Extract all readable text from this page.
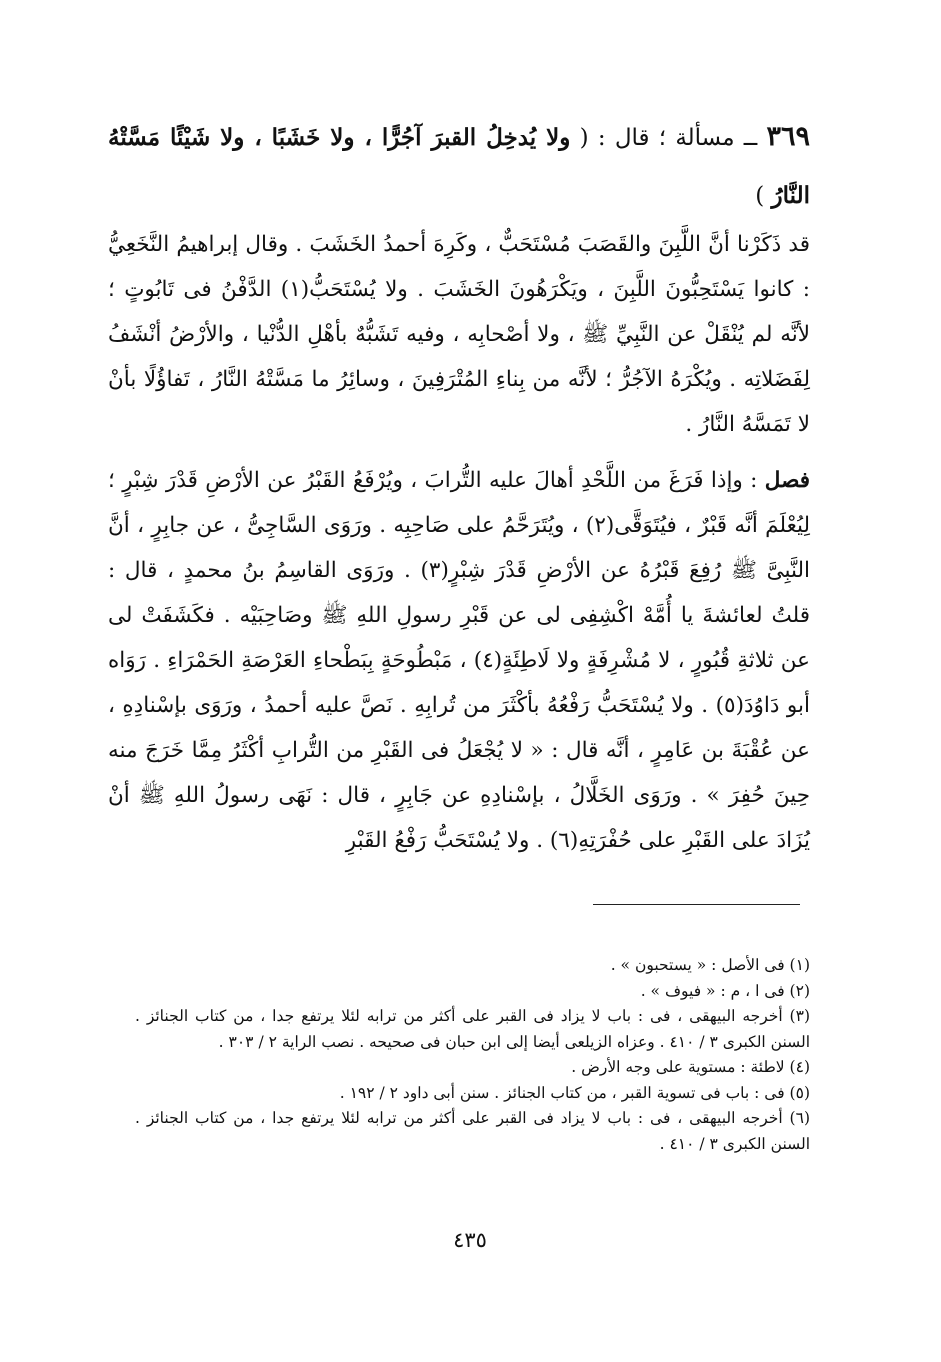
٣٦٩ ــ مسألة ؛ قال : ( ولا يُدخِلُ القبرَ آجُرًّا ، ولا خَشَبًا ، ولا شَيْئًا مَسَّتْهُ النَّارُ )
قد ذَكَرْنا أنَّ اللَّبِنَ والقَصَبَ مُسْتَحَبٌّ ، وكَرِهَ أحمدُ الخَشَبَ . وقال إبراهيمُ النَّخَعِيُّ : كانوا يَسْتَحِبُّونَ اللَّبِنَ ، ويَكْرَهُونَ الخَشَبَ . ولا يُسْتَحَبُّ(١) الدَّفْنُ فى تَابُوتٍ ؛ لأنَّه لم يُنْقَلْ عن النَّبِيِّ ﷺ ، ولا أصْحابِه ، وفيه تَشَبُّهٌ بأهْلِ الدُّنْيا ، والأرْضُ أنْشَفُ لِفَضَلاتِه . ويُكْرَهُ الآجُرُّ ؛ لأنَّه من بِناءِ المُتْرَفِينَ ، وسائِرُ ما مَسَّتْهُ النَّارُ ، تَفاؤُلًا بأنْ لا تَمَسَّهُ النَّارُ .
فصل : وإذا فَرَغَ من اللَّحْدِ أهالَ عليه التُّرابَ ، ويُرْفَعُ القَبْرُ عن الأرْضِ قَدْرَ شِبْرٍ ؛ لِيُعْلَمَ أنَّه قَبْرٌ ، فيُتَوَقَّى(٢) ، ويُتَرَحَّمُ على صَاحِبِه . ورَوَى السَّاجِىُّ ، عن جابِرٍ ، أنَّ النَّبِىَّ ﷺ رُفِعَ قَبْرُهُ عن الأرْضِ قَدْرَ شِبْرٍ(٣) . ورَوَى القاسِمُ بنُ محمدٍ ، قال : قلتُ لعائشةَ يا أُمَّهْ اكْشِفِى لى عن قَبْرِ رسولِ اللهِ ﷺ وصَاحِبَيْه . فكَشَفَتْ لى عن ثلاثةِ قُبُورٍ ، لا مُشْرِفَةٍ ولا لَاطِئَةٍ(٤) ، مَبْطُوحَةٍ بِبَطْحاءِ العَرْصَةِ الحَمْرَاءِ . رَوَاه أبو دَاوُدَ(٥) . ولا يُسْتَحَبُّ رَفْعُهُ بأكْثَرَ من تُرابِهِ . نَصَّ عليه أحمدُ ، ورَوَى بإسْنادِهِ ، عن عُقْبَةَ بن عَامِرٍ ، أنَّه قال : « لا يُجْعَلُ فى القَبْرِ من التُّرابِ أكْثَرُ مِمَّا خَرَجَ منه حِينَ حُفِرَ » . ورَوَى الخَلَّالُ ، بإسْنادِهِ عن جَابِرٍ ، قال : نَهَى رسولُ اللهِ ﷺ أنْ يُزَادَ على القَبْرِ على حُفْرَتِهِ(٦) . ولا يُسْتَحَبُّ رَفْعُ القَبْرِ
(١) فى الأصل : « يستحبون » .
(٢) فى ا ، م : « فيوف » .
(٣) أخرجه البيهقى ، فى : باب لا يزاد فى القبر على أكثر من ترابه لئلا يرتفع جدا ، من كتاب الجنائز . السنن الكبرى ٣ / ٤١٠ . وعزاه الزيلعى أيضا إلى ابن حبان فى صحيحه . نصب الراية ٢ / ٣٠٣ .
(٤) لاطئة : مستوية على وجه الأرض .
(٥) فى : باب فى تسوية القبر ، من كتاب الجنائز . سنن أبى داود ٢ / ١٩٢ .
(٦) أخرجه البيهقى ، فى : باب لا يزاد فى القبر على أكثر من ترابه لئلا يرتفع جدا ، من كتاب الجنائز . السنن الكبرى ٣ / ٤١٠ .
٤٣٥
